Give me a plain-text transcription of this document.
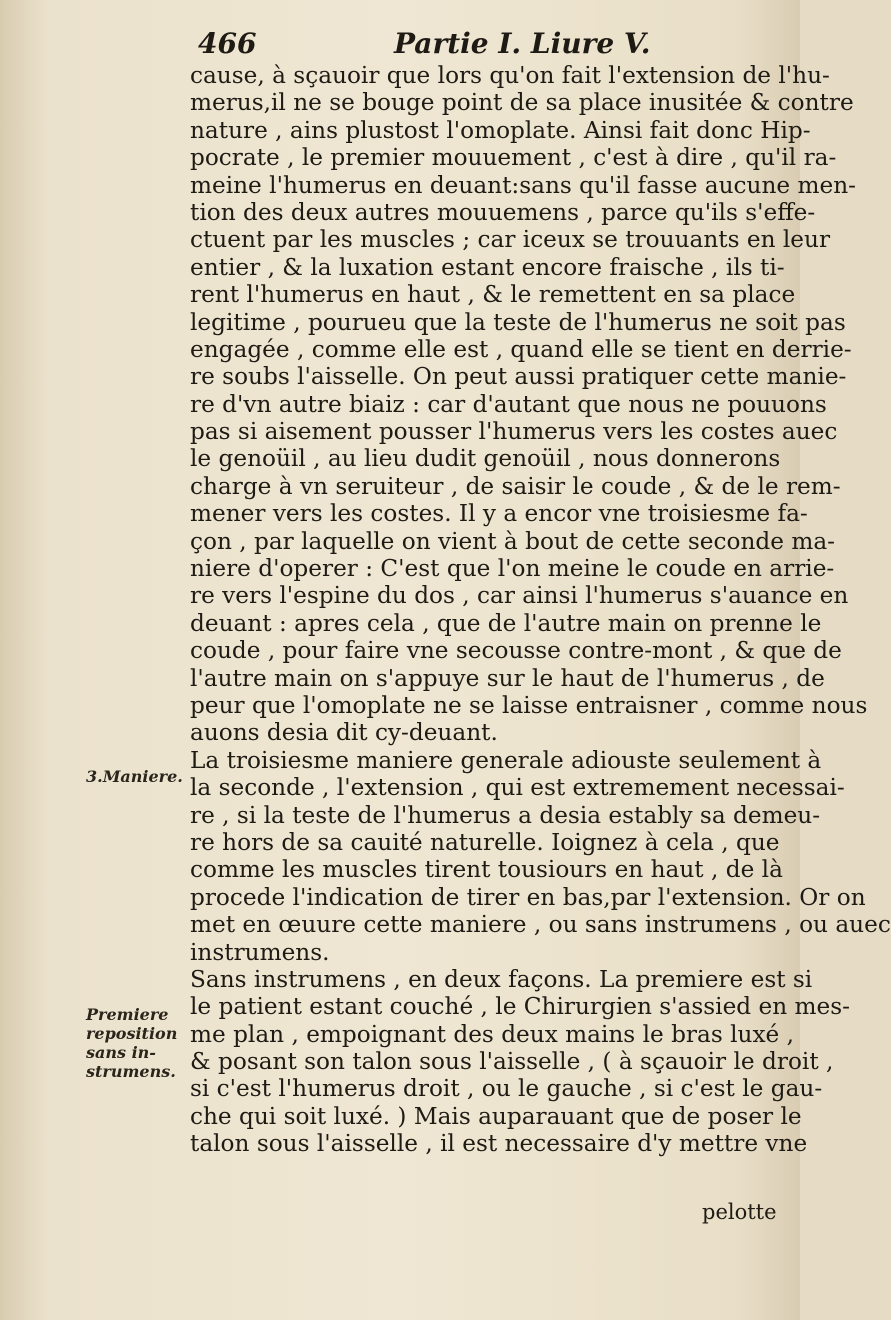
466	Partie I. Liure V.
3.Maniere.
Premiere
reposition
sans in-
strumens.
cause, à sçauoir que lors qu'on fait l'extension de l'hu-
merus,il ne se bouge point de sa place inusitée & contre
nature , ains plustost l'omoplate. Ainsi fait donc Hip-
pocrate , le premier mouuement , c'est à dire , qu'il ra-
meine l'humerus en deuant:sans qu'il fasse aucune men-
tion des deux autres mouuemens , parce qu'ils s'effe-
ctuent par les muscles ; car iceux se trouuants en leur
entier , & la luxation estant encore fraische , ils ti-
rent l'humerus en haut , & le remettent en sa place
legitime , pourueu que la teste de l'humerus ne soit pas
engagée , comme elle est , quand elle se tient en derrie-
re soubs l'aisselle. On peut aussi pratiquer cette manie-
re d'vn autre biaiz : car d'autant que nous ne pouuons
pas si aisement pousser l'humerus vers les costes auec
le genoüil , au lieu dudit genoüil , nous donnerons
charge à vn seruiteur , de saisir le coude , & de le rem-
mener vers les costes. Il y a encor vne troisiesme fa-
çon , par laquelle on vient à bout de cette seconde ma-
niere d'operer : C'est que l'on meine le coude en arrie-
re vers l'espine du dos , car ainsi l'humerus s'auance en
deuant : apres cela , que de l'autre main on prenne le
coude , pour faire vne secousse contre-mont , & que de
l'autre main on s'appuye sur le haut de l'humerus , de
peur que l'omoplate ne se laisse entraisner , comme nous
auons desia dit cy-deuant.
La troisiesme maniere generale adiouste seulement à
la seconde , l'extension , qui est extremement necessai-
re , si la teste de l'humerus a desia estably sa demeu-
re hors de sa cauité naturelle. Ioignez à cela , que
comme les muscles tirent tousiours en haut , de là
procede l'indication de tirer en bas,par l'extension. Or on
met en œuure cette maniere , ou sans instrumens , ou auec
instrumens.
Sans instrumens , en deux façons. La premiere est si
le patient estant couché , le Chirurgien s'assied en mes-
me plan , empoignant des deux mains le bras luxé ,
& posant son talon sous l'aisselle , ( à sçauoir le droit ,
si c'est l'humerus droit , ou le gauche , si c'est le gau-
che qui soit luxé. ) Mais auparauant que de poser le
talon sous l'aisselle , il est necessaire d'y mettre vne
pelotte
